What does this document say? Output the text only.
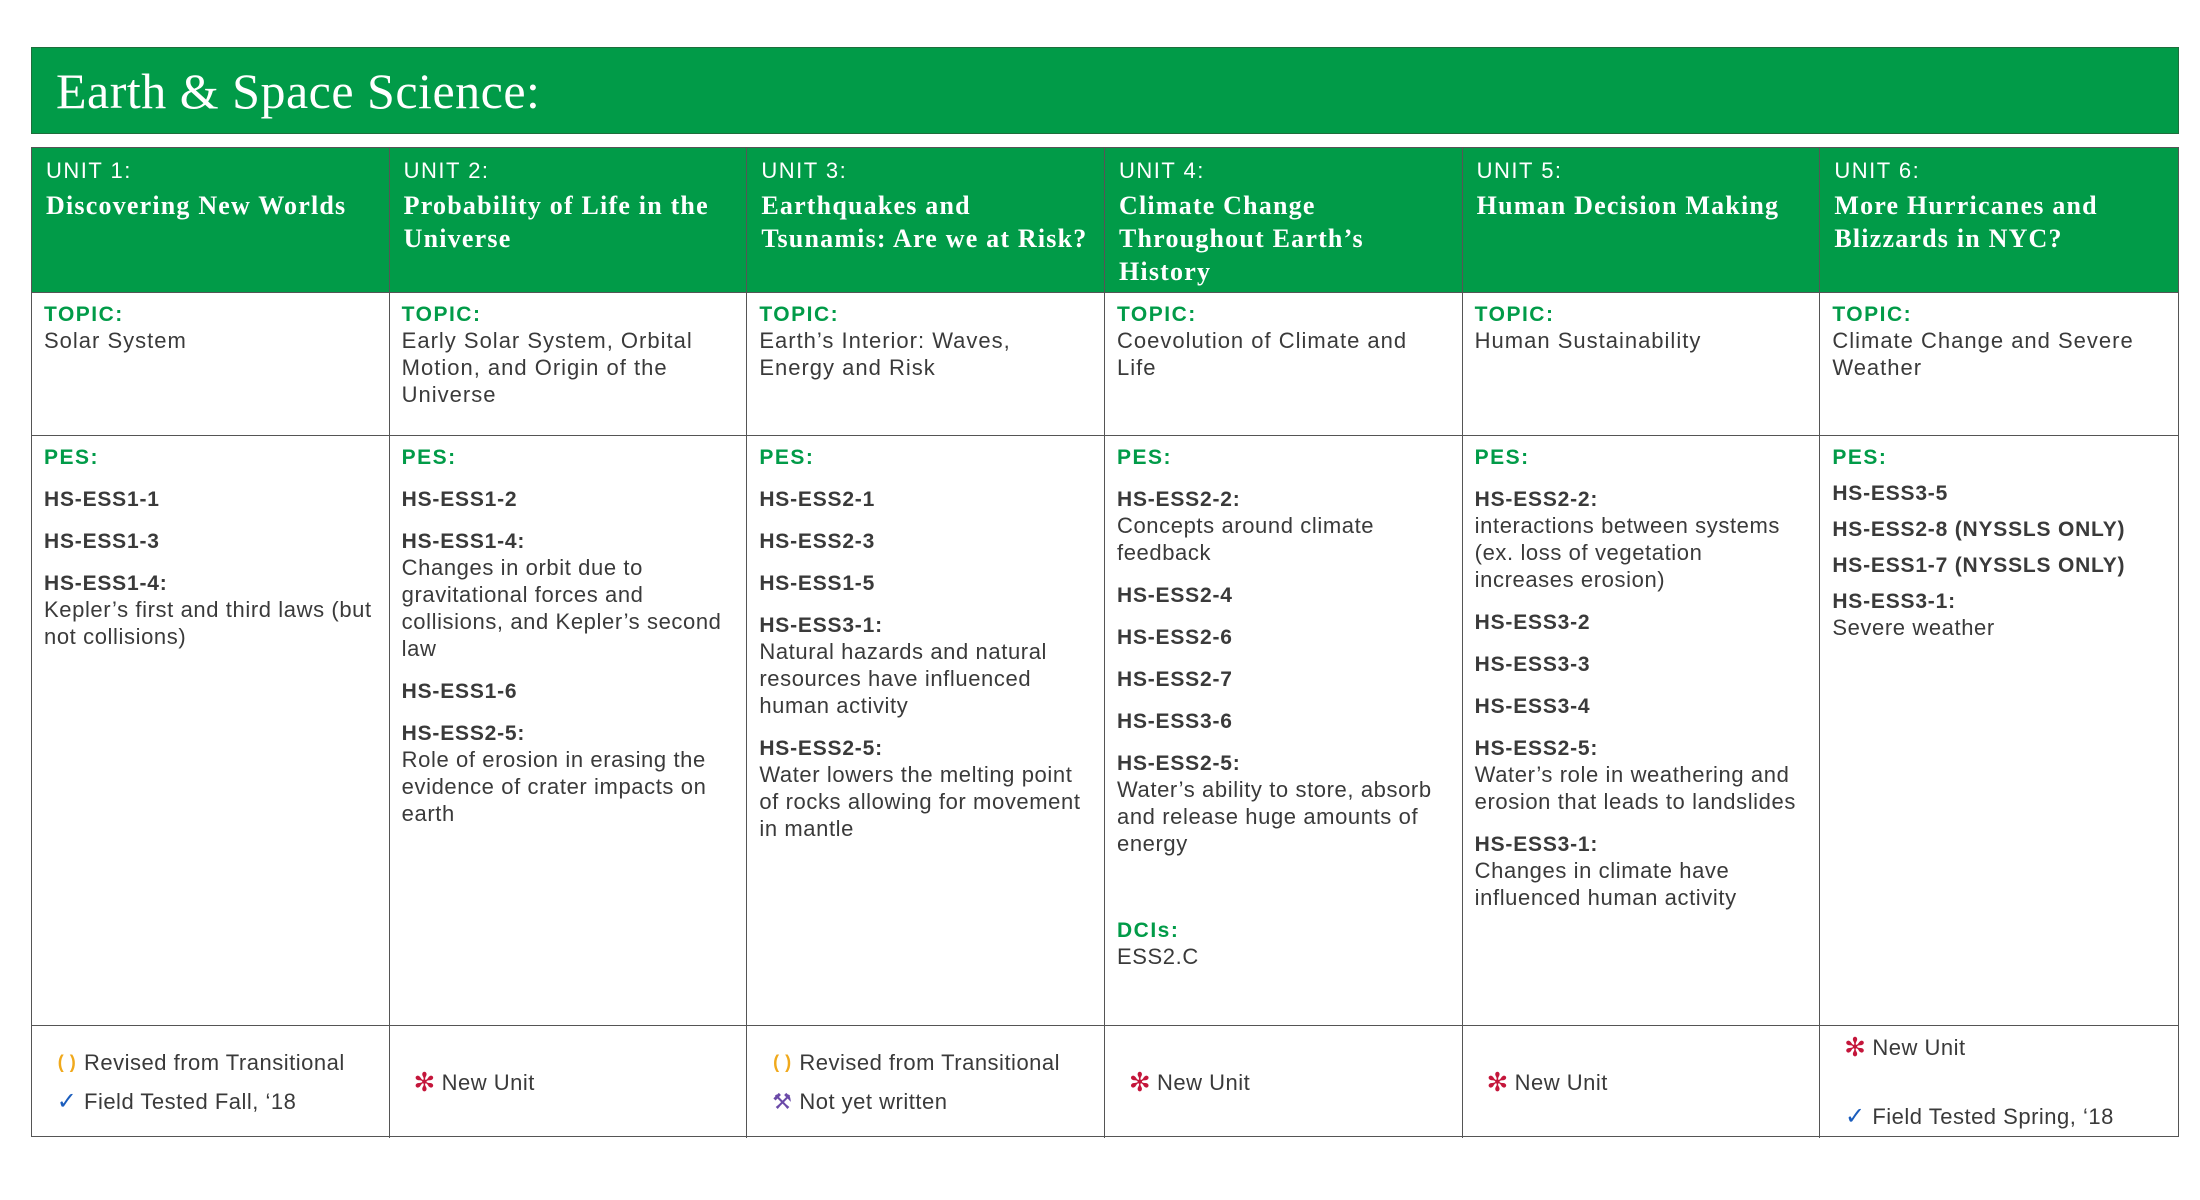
Earth & Space Science:
UNIT 1:
Discovering New Worlds
UNIT 2:
Probability of Life in the Universe
UNIT 3:
Earthquakes and Tsunamis: Are we at Risk?
UNIT 4:
Climate Change Throughout Earth’s History
UNIT 5:
Human Decision Making
UNIT 6:
More Hurricanes and Blizzards in NYC?
TOPIC:
Solar System
TOPIC:
Early Solar System, Orbital Motion, and Origin of the Universe
TOPIC:
Earth’s Interior: Waves, Energy and Risk
TOPIC:
Coevolution of Climate and Life
TOPIC:
Human Sustainability
TOPIC:
Climate Change and Severe Weather
PES:
HS-ESS1-1
HS-ESS1-3
HS-ESS1-4:
Kepler’s first and third laws (but not collisions)
PES:
HS-ESS1-2
HS-ESS1-4:
Changes in orbit due to gravitational forces and collisions, and Kepler’s second law
HS-ESS1-6
HS-ESS2-5:
Role of erosion in erasing the evidence of crater impacts on earth
PES:
HS-ESS2-1
HS-ESS2-3
HS-ESS1-5
HS-ESS3-1:
Natural hazards and natural resources have influenced human activity
HS-ESS2-5:
Water lowers the melting point of rocks allowing for movement in mantle
PES:
HS-ESS2-2:
Concepts around climate feedback
HS-ESS2-4
HS-ESS2-6
HS-ESS2-7
HS-ESS3-6
HS-ESS2-5:
Water’s ability to store, absorb and release huge amounts of energy
DCIs:
ESS2.C
PES:
HS-ESS2-2:
interactions between systems (ex. loss of vegetation increases erosion)
HS-ESS3-2
HS-ESS3-3
HS-ESS3-4
HS-ESS2-5:
Water’s role in weathering and erosion that leads to landslides
HS-ESS3-1:
Changes in climate have influenced human activity
PES:
HS-ESS3-5
HS-ESS2-8 (NYSSLS ONLY)
HS-ESS1-7 (NYSSLS ONLY)
HS-ESS3-1:
Severe weather
( ) Revised from Transitional
✓ Field Tested Fall, ‘18
✻ New Unit
( ) Revised from Transitional
⚒ Not yet written
✻ New Unit	✻ New Unit
✻ New Unit
✓ Field Tested Spring, ‘18
